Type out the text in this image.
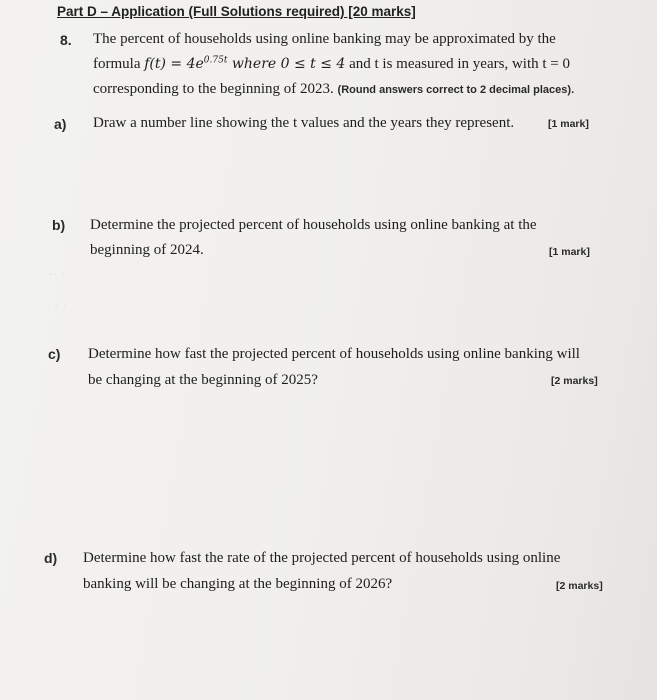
·· ·
· · ·
Part D – Application (Full Solutions required) [20 marks]
8. The percent of households using online banking may be approximated by the
formula $f(t) = 4e^{0.75t}$ where 0 ≤ t ≤ 4 and t is measured in years, with t = 0
corresponding to the beginning of 2023. (Round answers correct to 2 decimal places).
a) Draw a number line showing the t values and the years they represent.	[1 mark]
b) Determine the projected percent of households using online banking at the
beginning of 2024.	[1 mark]
c) Determine how fast the projected percent of households using online banking will
be changing at the beginning of 2025?	[2 marks]
d) Determine how fast the rate of the projected percent of households using online
banking will be changing at the beginning of 2026?	[2 marks]
